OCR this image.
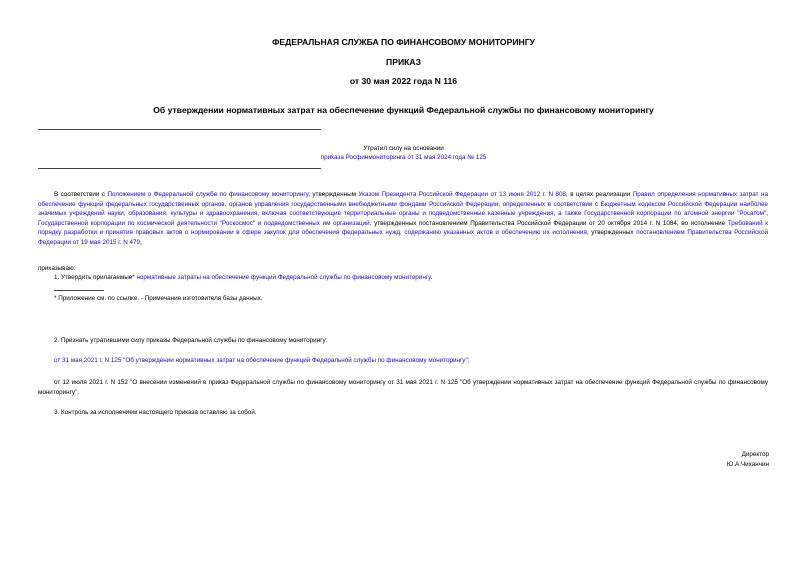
ФЕДЕРАЛЬНАЯ СЛУЖБА ПО ФИНАНСОВОМУ МОНИТОРИНГУ
ПРИКАЗ
от 30 мая 2022 года N 116
Об утверждении нормативных затрат на обеспечение функций Федеральной службы по финансовому мониторингу
Утратил силу на основании
приказа Росфинмониторинга от 31 мая 2024 года № 125
В соответствии с Положением о Федеральной службе по финансовому мониторингу, утвержденным Указом Президента Российской Федерации от 13 июня 2012 г. N 808, в целях реализации Правил определения нормативных затрат на обеспечение функций федеральных государственных органов, органов управления государственными внебюджетными фондами Российской Федерации, определенных в соответствии с Бюджетным кодексом Российской Федерации наиболее значимых учреждений науки, образования, культуры и здравоохранения, включая соответствующие территориальные органы и подведомственные казенные учреждения, а также Государственной корпорации по атомной энергии "Росатом", Государственной корпорации по космической деятельности "Роскосмос" и подведомственных им организаций, утвержденных постановлением Правительства Российской Федерации от 20 октября 2014 г. N 1084, во исполнение Требований к порядку разработки и принятия правовых актов о нормировании в сфере закупок для обеспечения федеральных нужд, содержанию указанных актов и обеспечению их исполнения, утвержденных постановлением Правительства Российской Федерации от 19 мая 2015 г. N 479,
приказываю:
1. Утвердить прилагаемые* нормативные затраты на обеспечение функций Федеральной службы по финансовому мониторингу.
* Приложение см. по ссылке. - Примечание изготовителя базы данных.
2. Признать утратившими силу приказы Федеральной службы по финансовому мониторингу:
от 31 мая 2021 г. N 125 "Об утверждении нормативных затрат на обеспечение функций Федеральной службы по финансовому мониторингу";
от 12 июля 2021 г. N 152 "О внесении изменений в приказ Федеральной службы по финансовому мониторингу от 31 мая 2021 г. N 125 "Об утверждении нормативных затрат на обеспечение функций Федеральной службы по финансовому мониторингу".
3. Контроль за исполнением настоящего приказа оставляю за собой.
Директор
Ю.А.Чиханчин
